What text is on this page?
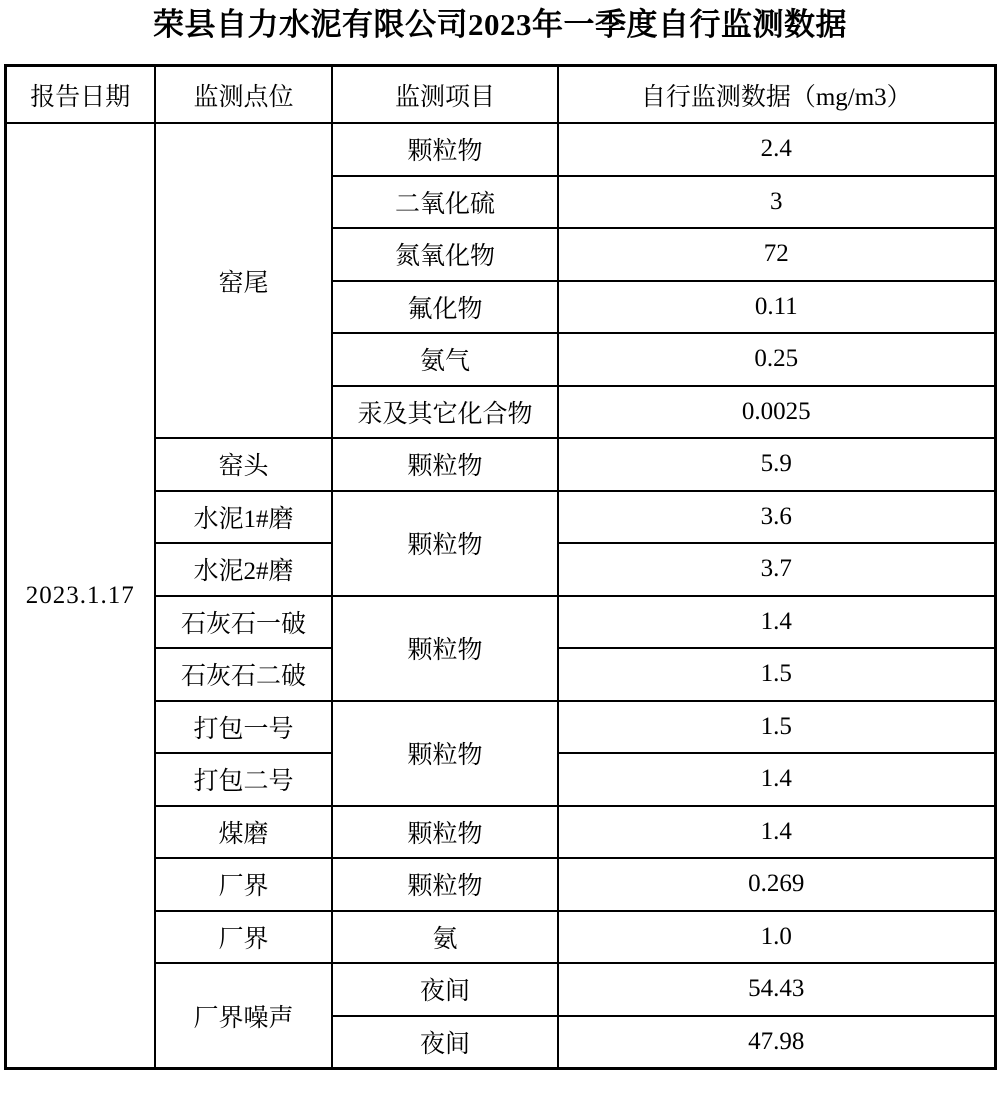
荣县自力水泥有限公司2023年一季度自行监测数据
报告日期	监测点位	监测项目	自行监测数据（mg/m3）
2023.1.17	窑尾	颗粒物	2.4
		二氧化硫	3
		氮氧化物	72
		氟化物	0.11
		氨气	0.25
		汞及其它化合物	0.0025
	窑头	颗粒物	5.9
	水泥1#磨	颗粒物	3.6
	水泥2#磨		3.7
	石灰石一破	颗粒物	1.4
	石灰石二破		1.5
	打包一号	颗粒物	1.5
	打包二号		1.4
	煤磨	颗粒物	1.4
	厂界	颗粒物	0.269
	厂界	氨	1.0
	厂界噪声	夜间	54.43
		夜间	47.98
